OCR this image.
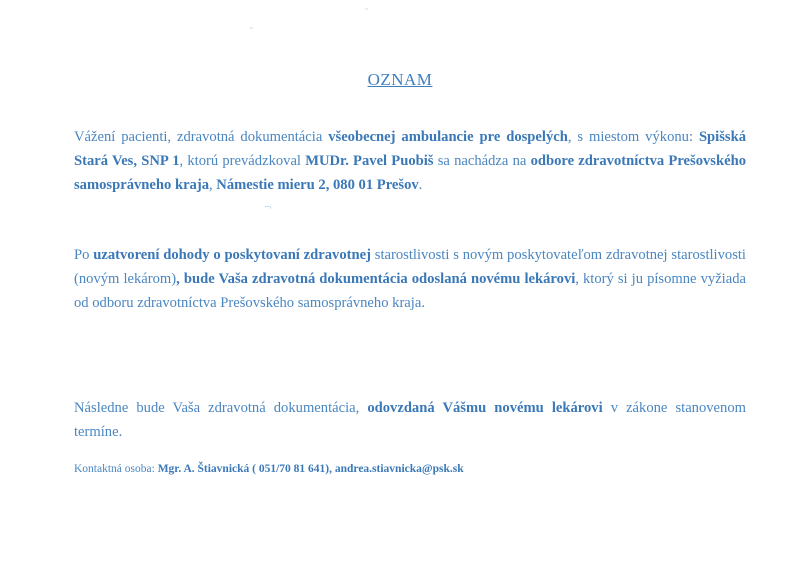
OZNAM

Vážení pacienti, zdravotná dokumentácia všeobecnej ambulancie pre dospelých, s miestom výkonu: Spišská Stará Ves, SNP 1, ktorú prevádzkoval MUDr. Pavel Puobiš sa nachádza na odbore zdravotníctva Prešovského samosprávneho kraja, Námestie mieru 2, 080 01 Prešov.

¯'

Po uzatvorení dohody o poskytovaní zdravotnej starostlivosti s novým poskytovateľom zdravotnej starostlivosti (novým lekárom), bude Vaša zdravotná dokumentácia odoslaná novému lekárovi, ktorý si ju písomne vyžiada od odboru zdravotníctva Prešovského samosprávneho kraja.

Následne bude Vaša zdravotná dokumentácia, odovzdaná Vášmu novému lekárovi v zákone stanovenom termíne.

Kontaktná osoba: Mgr. A. Štiavnická ( 051/70 81 641), andrea.stiavnicka@psk.sk
